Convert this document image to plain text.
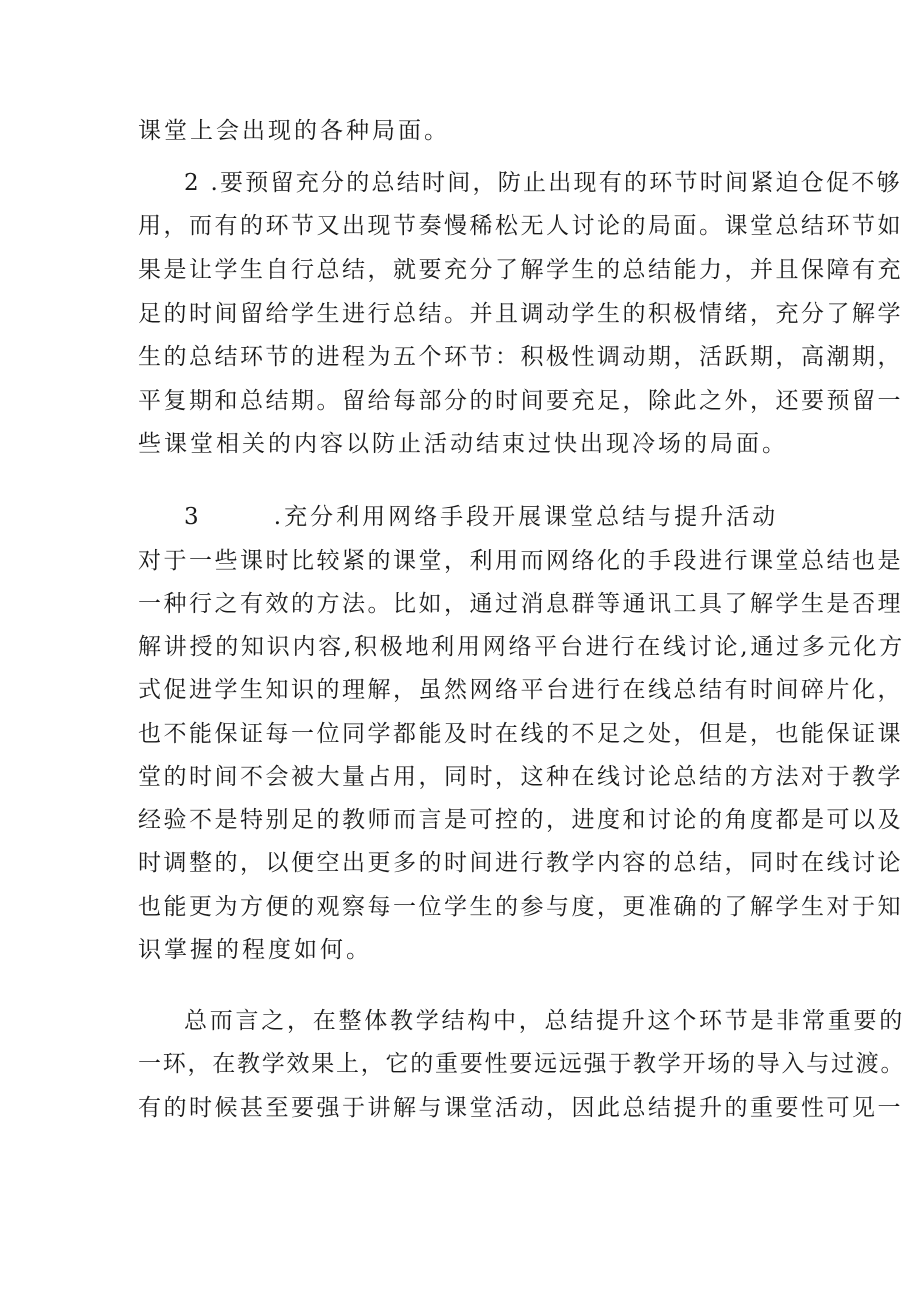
课堂上会出现的各种局面。
2 .要预留充分的总结时间，防止出现有的环节时间紧迫仓促不够
用，而有的环节又出现节奏慢稀松无人讨论的局面。课堂总结环节如
果是让学生自行总结，就要充分了解学生的总结能力，并且保障有充
足的时间留给学生进行总结。并且调动学生的积极情绪，充分了解学
生的总结环节的进程为五个环节：积极性调动期，活跃期，高潮期，
平复期和总结期。留给每部分的时间要充足，除此之外，还要预留一
些课堂相关的内容以防止活动结束过快出现冷场的局面。
3       .充分利用网络手段开展课堂总结与提升活动
对于一些课时比较紧的课堂，利用而网络化的手段进行课堂总结也是
一种行之有效的方法。比如，通过消息群等通讯工具了解学生是否理
解讲授的知识内容,积极地利用网络平台进行在线讨论,通过多元化方
式促进学生知识的理解，虽然网络平台进行在线总结有时间碎片化，
也不能保证每一位同学都能及时在线的不足之处，但是，也能保证课
堂的时间不会被大量占用，同时，这种在线讨论总结的方法对于教学
经验不是特别足的教师而言是可控的，进度和讨论的角度都是可以及
时调整的，以便空出更多的时间进行教学内容的总结，同时在线讨论
也能更为方便的观察每一位学生的参与度，更准确的了解学生对于知
识掌握的程度如何。
总而言之，在整体教学结构中，总结提升这个环节是非常重要的
一环，在教学效果上，它的重要性要远远强于教学开场的导入与过渡。
有的时候甚至要强于讲解与课堂活动，因此总结提升的重要性可见一
